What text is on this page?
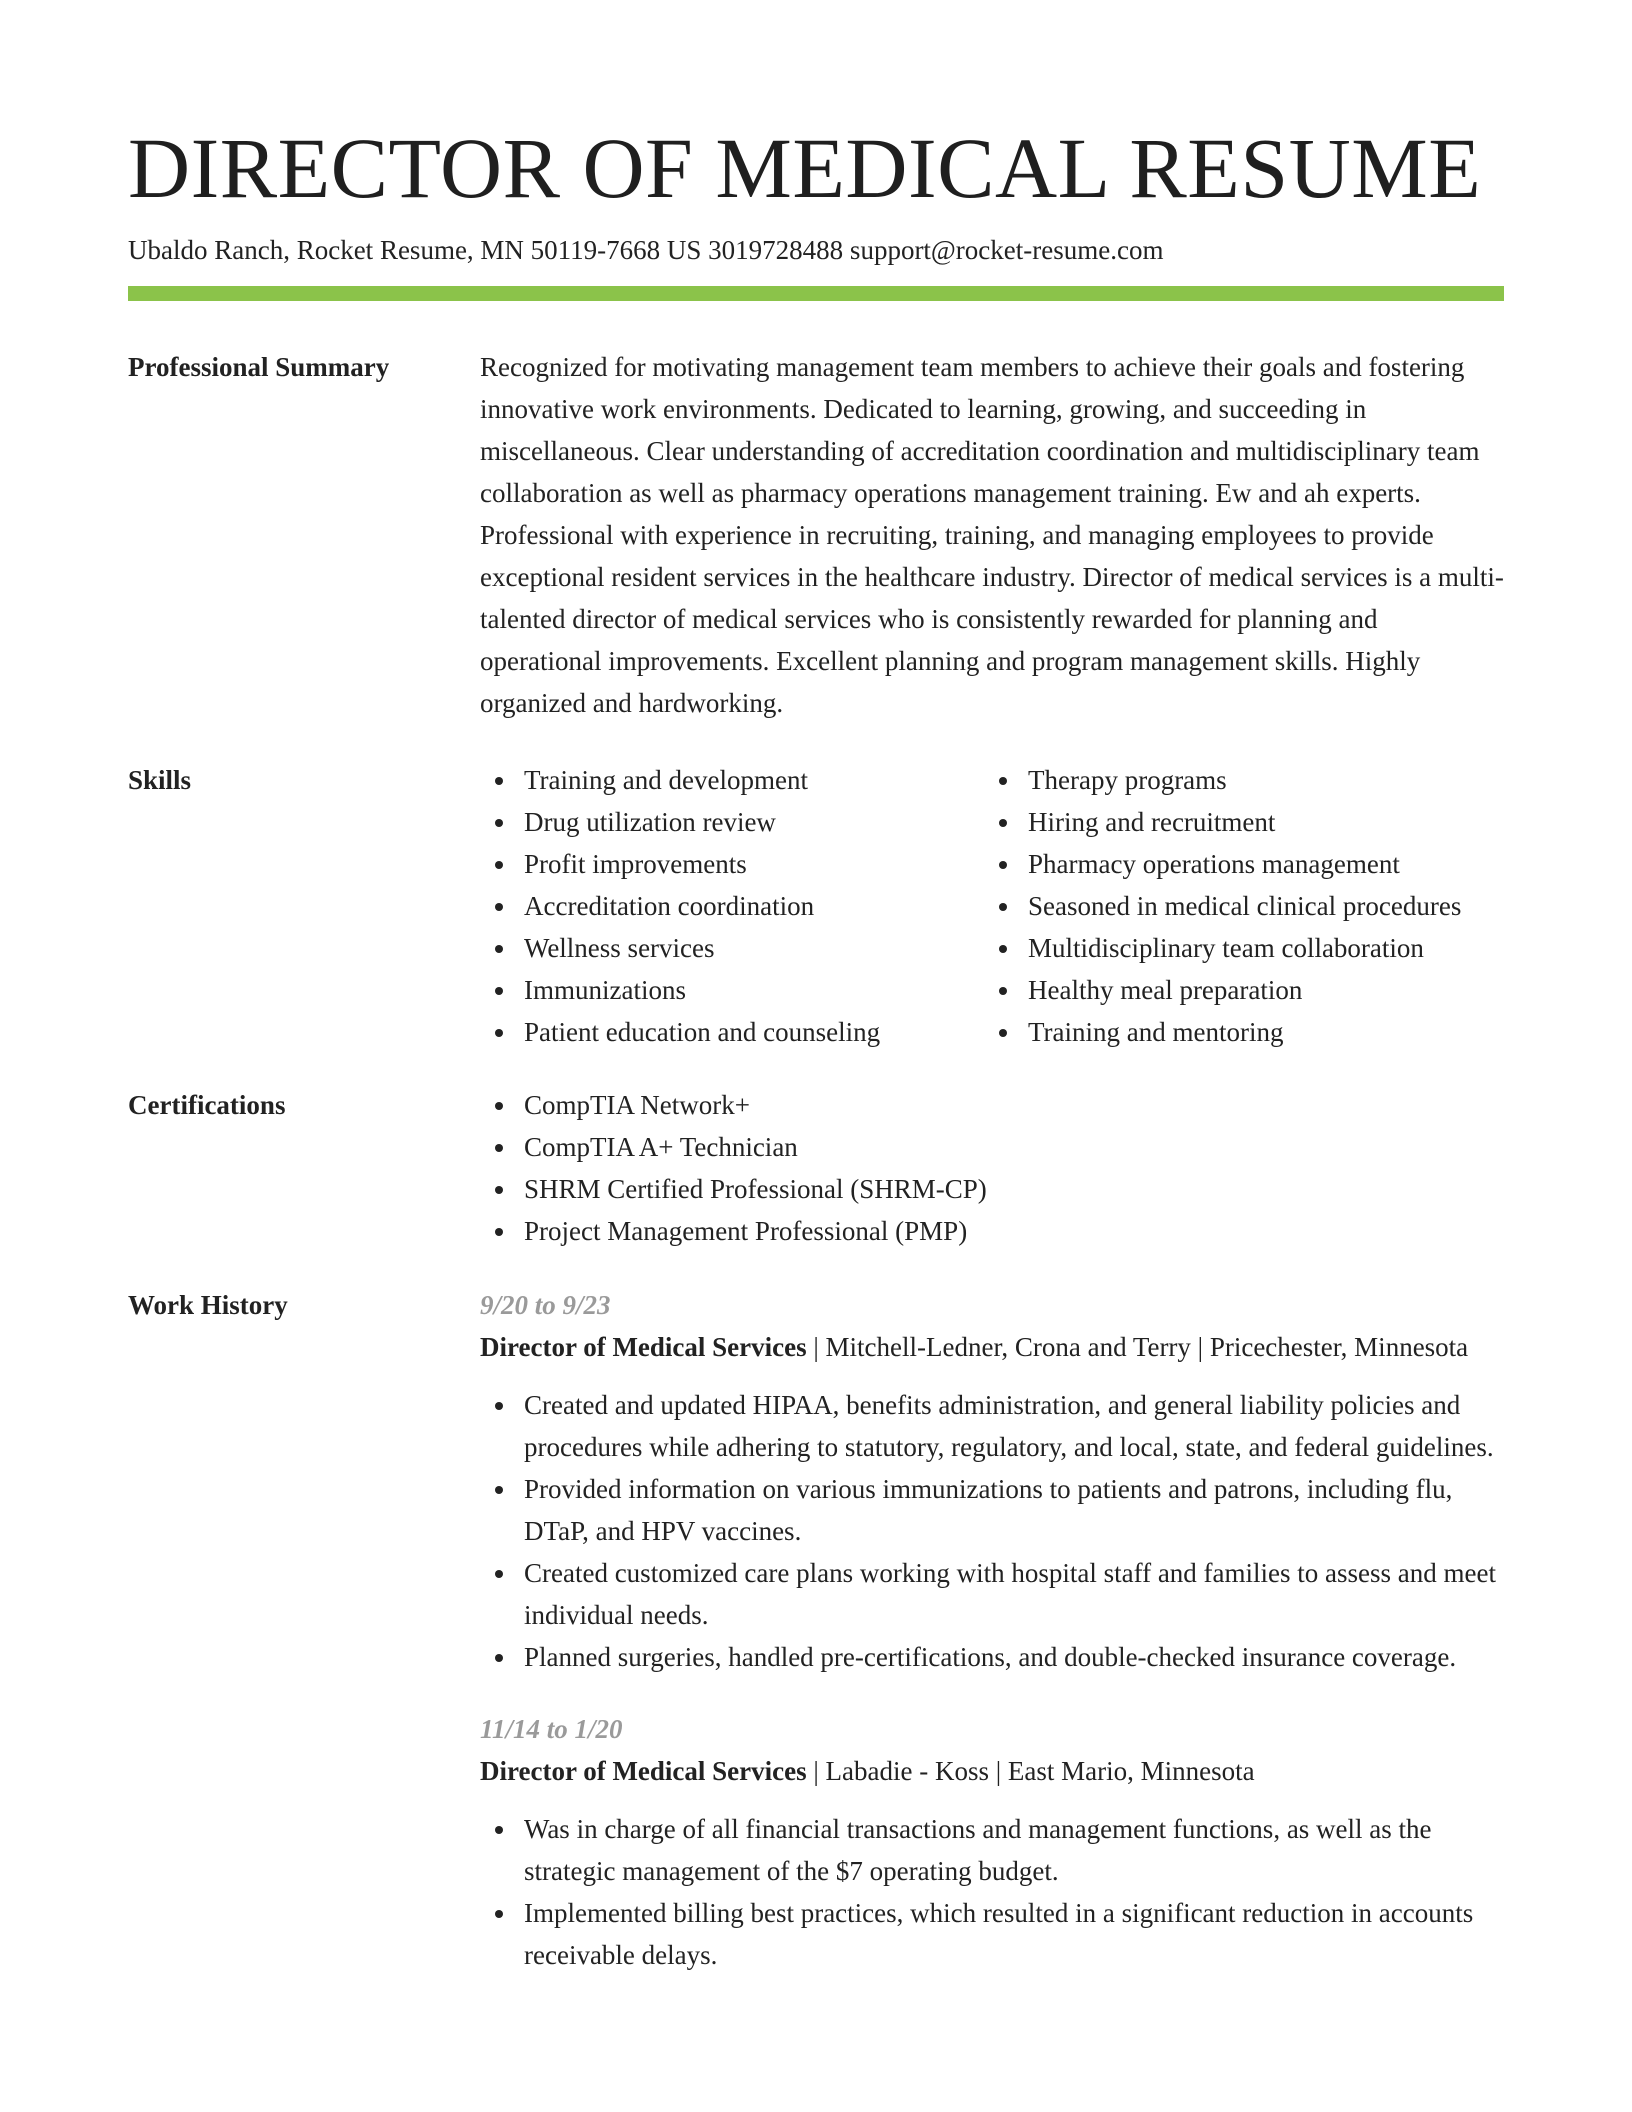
DIRECTOR OF MEDICAL RESUME
Ubaldo Ranch, Rocket Resume, MN 50119-7668 US 3019728488 support@rocket-resume.com
Professional Summary	Recognized for motivating management team members to achieve their goals and fostering innovative work environments. Dedicated to learning, growing, and succeeding in miscellaneous. Clear understanding of accreditation coordination and multidisciplinary team collaboration as well as pharmacy operations management training. Ew and ah experts. Professional with experience in recruiting, training, and managing employees to provide exceptional resident services in the healthcare industry. Director of medical services is a multi-talented director of medical services who is consistently rewarded for planning and operational improvements. Excellent planning and program management skills. Highly organized and hardworking.

Skills	Training and development
Drug utilization review
Profit improvements
Accreditation coordination
Wellness services
Immunizations
Patient education and counseling
Therapy programs
Hiring and recruitment
Pharmacy operations management
Seasoned in medical clinical procedures
Multidisciplinary team collaboration
Healthy meal preparation
Training and mentoring
Certifications	CompTIA Network+
CompTIA A+ Technician
SHRM Certified Professional (SHRM-CP)
Project Management Professional (PMP)
Work History	9/20 to 9/23
Director of Medical Services | Mitchell-Ledner, Crona and Terry | Pricechester, Minnesota
Created and updated HIPAA, benefits administration, and general liability policies and procedures while adhering to statutory, regulatory, and local, state, and federal guidelines.
Provided information on various immunizations to patients and patrons, including flu, DTaP, and HPV vaccines.
Created customized care plans working with hospital staff and families to assess and meet individual needs.
Planned surgeries, handled pre-certifications, and double-checked insurance coverage.
11/14 to 1/20
Director of Medical Services | Labadie - Koss | East Mario, Minnesota
Was in charge of all financial transactions and management functions, as well as the strategic management of the $7 operating budget.
Implemented billing best practices, which resulted in a significant reduction in accounts receivable delays.
